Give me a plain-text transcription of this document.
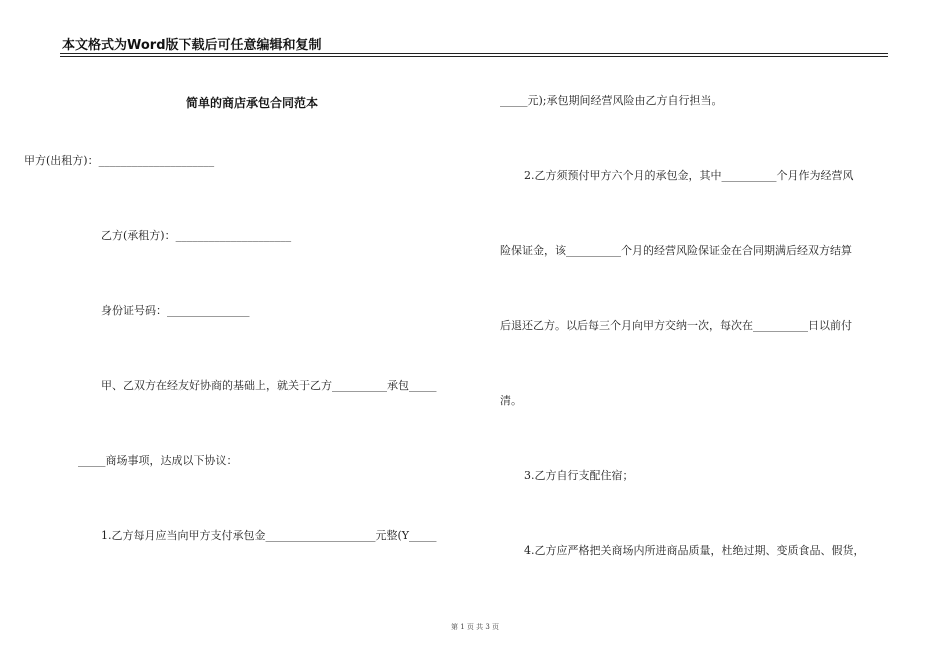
本文格式为Word版下载后可任意编辑和复制
简单的商店承包合同范本
甲方(出租方)：_____________________
乙方(承租方)：_____________________
身份证号码：_______________
甲、乙双方在经友好协商的基础上，就关于乙方__________承包_____
_____商场事项，达成以下协议：
1.乙方每月应当向甲方支付承包金____________________元整(Y_____
_____元);承包期间经营风险由乙方自行担当。
2.乙方须预付甲方六个月的承包金，其中__________个月作为经营风
险保证金，该__________个月的经营风险保证金在合同期满后经双方结算
后退还乙方。以后每三个月向甲方交纳一次，每次在__________日以前付
清。
3.乙方自行支配住宿；
4.乙方应严格把关商场内所进商品质量，杜绝过期、变质食品、假货，
第 1 页 共 3 页
